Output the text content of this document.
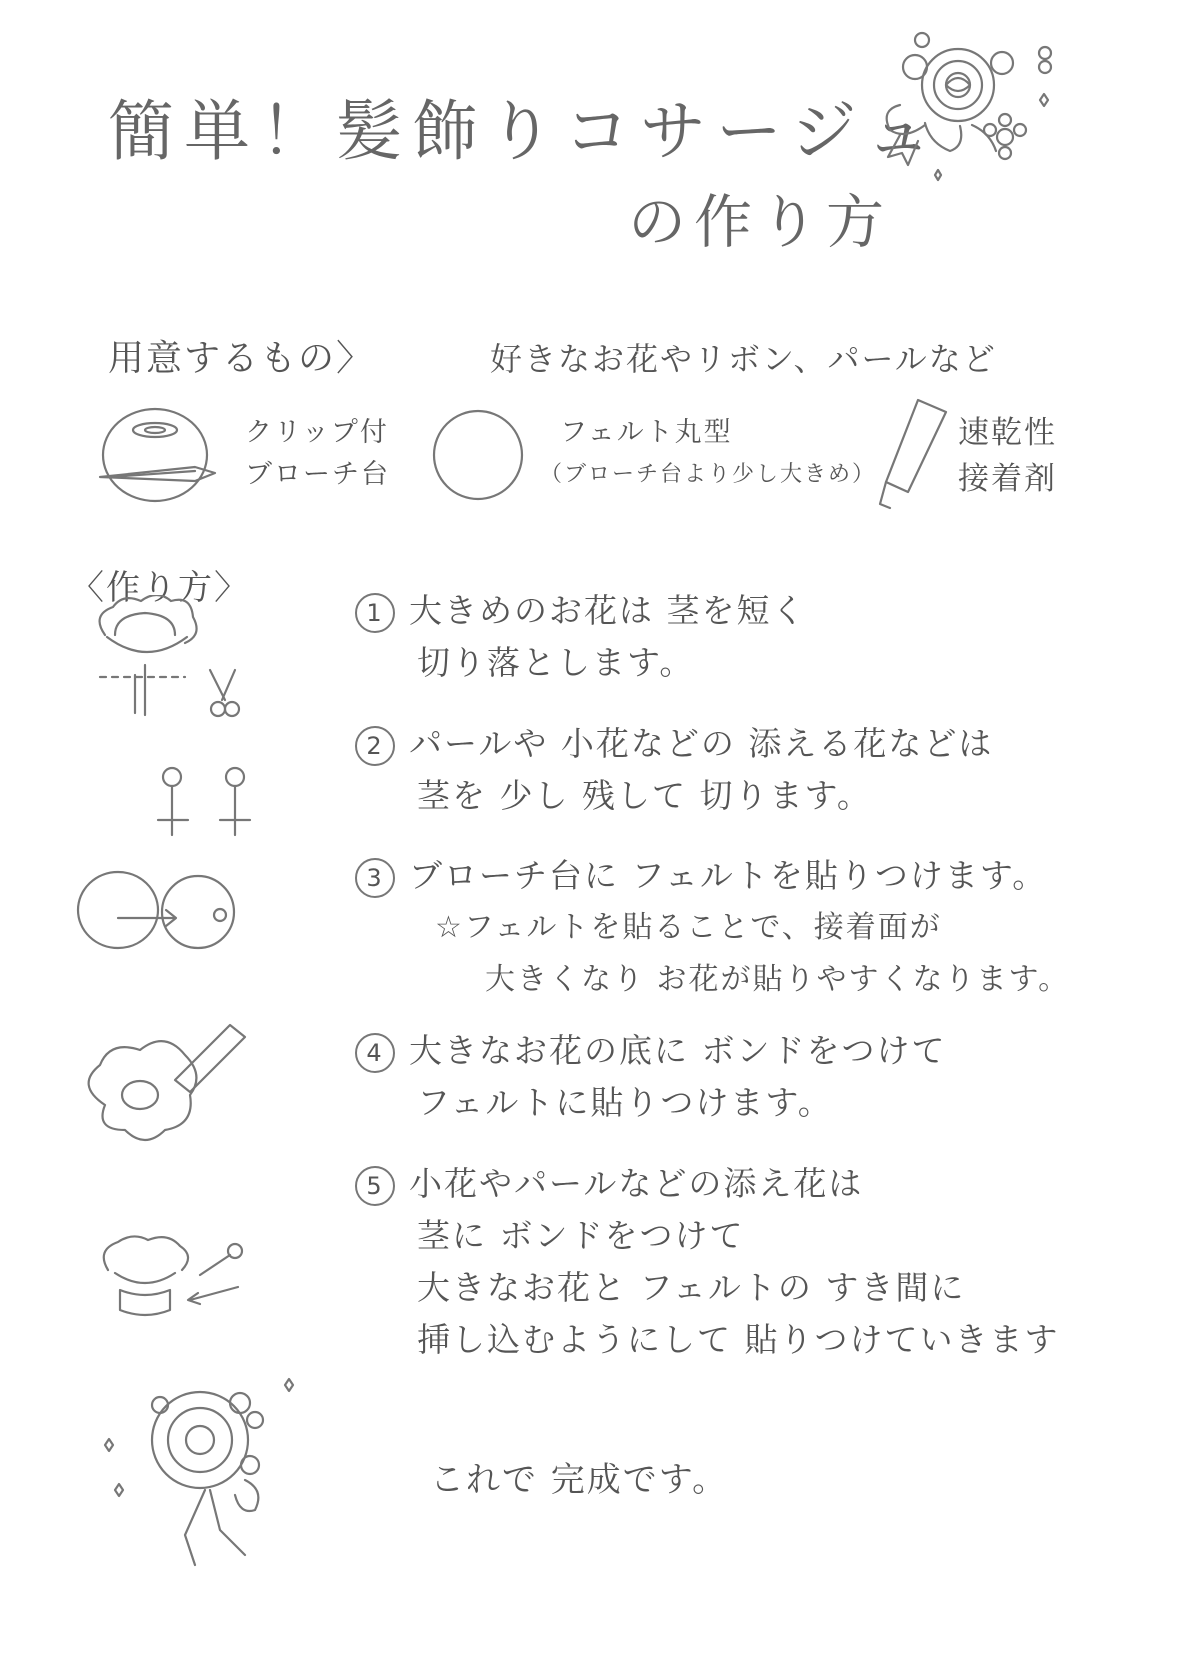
簡単！髪飾りコサージュ
の作り方
用意するもの〉	好きなお花やリボン、パールなど
クリップ付
ブローチ台
フェルト丸型
（ブローチ台より少し大きめ）
速乾性
接着剤
〈作り方〉
1 大きめのお花は 茎を短く
切り落とします。
2 パールや 小花などの 添える花などは
茎を 少し 残して 切ります。
3 ブローチ台に フェルトを貼りつけます。
☆フェルトを貼ることで、接着面が
大きくなり お花が貼りやすくなります。
4 大きなお花の底に ボンドをつけて
フェルトに貼りつけます。
5 小花やパールなどの添え花は
茎に ボンドをつけて
大きなお花と フェルトの すき間に
挿し込むようにして 貼りつけていきます
これで 完成です。
